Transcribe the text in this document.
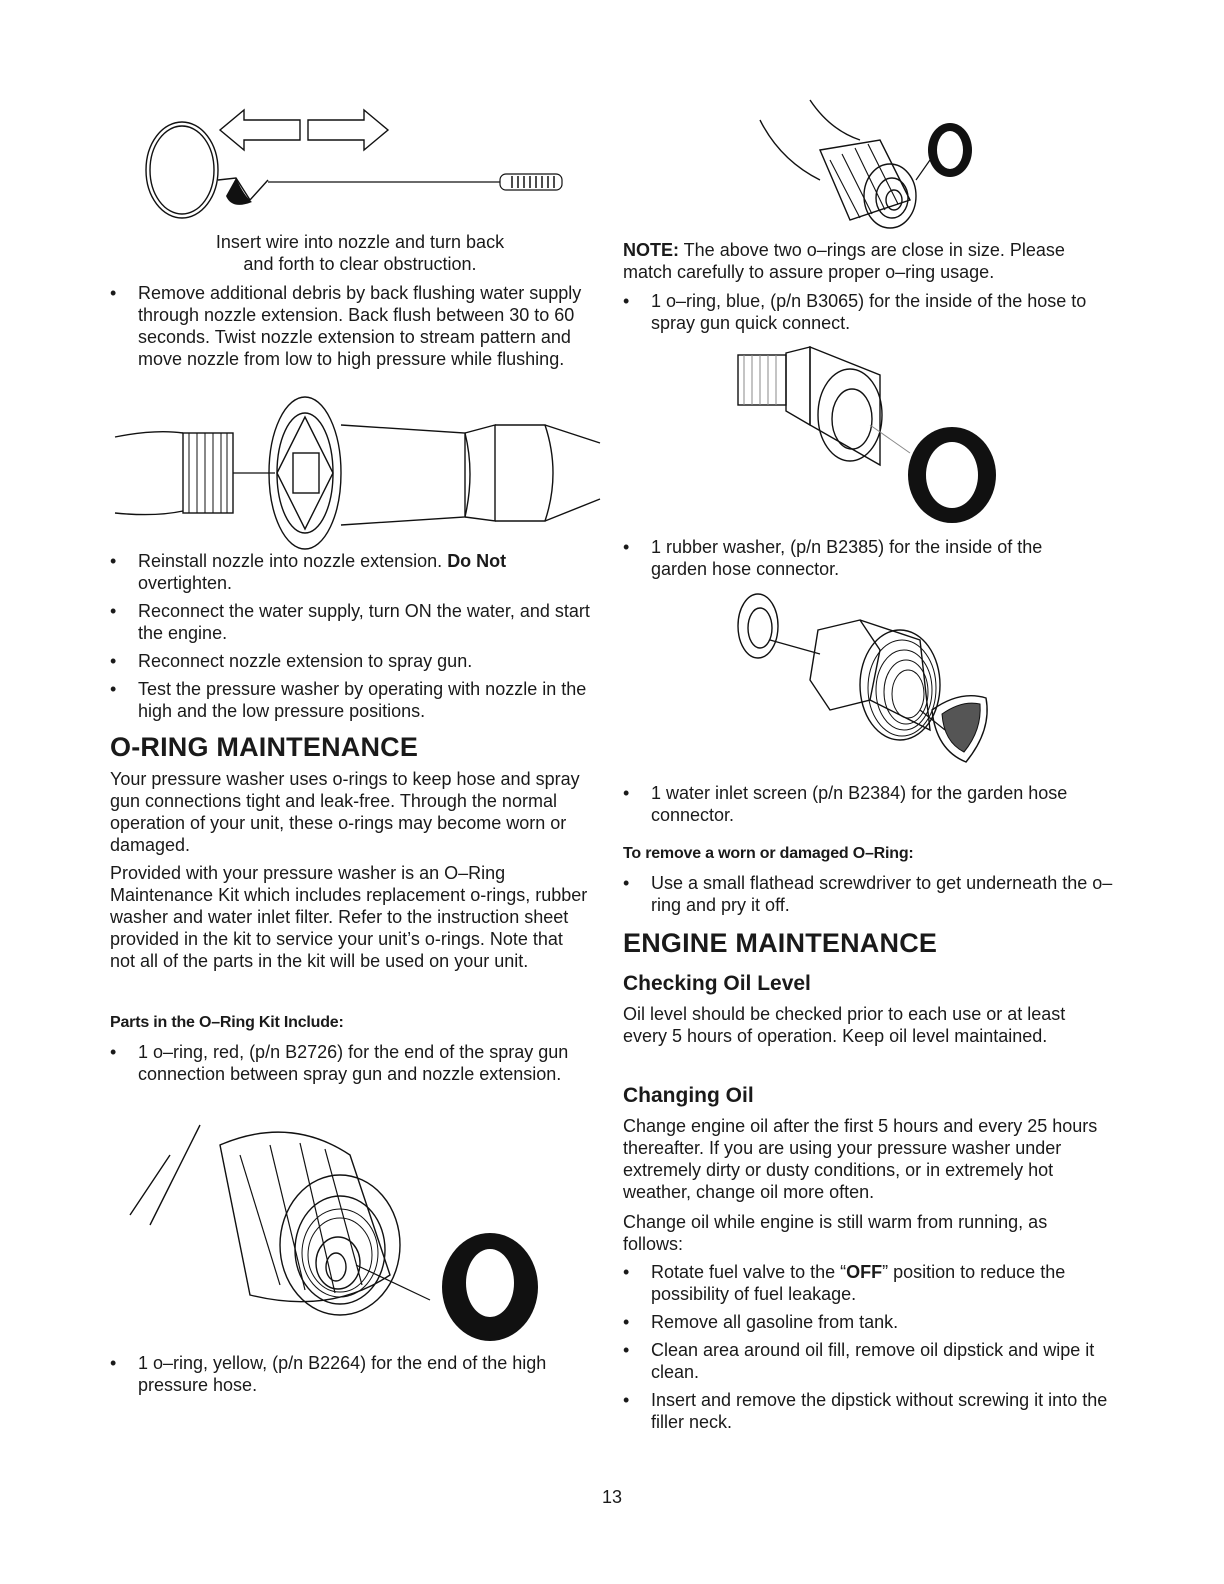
Insert wire into nozzle and turn back
and forth to clear obstruction.
•	Remove additional debris by back flushing water supply through nozzle extension. Back flush between 30 to 60 seconds. Twist nozzle extension to stream pattern and move nozzle from low to high pressure while flushing.
•	Reinstall nozzle into nozzle extension. Do Not overtighten.
•	Reconnect the water supply, turn ON the water, and start the engine.
•	Reconnect nozzle extension to spray gun.
•	Test the pressure washer by operating with nozzle in the high and the low pressure positions.
O-RING MAINTENANCE

Your pressure washer uses o-rings to keep hose and spray gun connections tight and leak-free. Through the normal operation of your unit, these o-rings may become worn or damaged.

Provided with your pressure washer is an O–Ring Maintenance Kit which includes replacement o-rings, rubber washer and water inlet filter. Refer to the instruction sheet provided in the kit to service your unit’s o-rings. Note that not all of the parts in the kit will be used on your unit.

Parts in the O–Ring Kit Include:
•	1 o–ring, red, (p/n B2726) for the end of the spray gun connection between spray gun and nozzle extension.
•	1 o–ring, yellow, (p/n B2264) for the end of the high pressure hose.

NOTE: The above two o–rings are close in size. Please match carefully to assure proper o–ring usage.

•	1 o–ring, blue, (p/n B3065) for the inside of the hose to spray gun quick connect.
•	1 rubber washer, (p/n B2385) for the inside of the garden hose connector.
•	1 water inlet screen (p/n B2384) for the garden hose connector.
To remove a worn or damaged O–Ring:
•	Use a small flathead screwdriver to get underneath the o–ring and pry it off.
ENGINE MAINTENANCE
Checking Oil Level

Oil level should be checked prior to each use or at least every 5 hours of operation. Keep oil level maintained.

Changing Oil

Change engine oil after the first 5 hours and every 25 hours thereafter. If you are using your pressure washer under extremely dirty or dusty conditions, or in extremely hot weather, change oil more often.

Change oil while engine is still warm from running, as follows:

•	Rotate fuel valve to the “OFF” position to reduce the possibility of fuel leakage.
•	Remove all gasoline from tank.
•	Clean area around oil fill, remove oil dipstick and wipe it clean.
•	Insert and remove the dipstick without screwing it into the filler neck.
13
